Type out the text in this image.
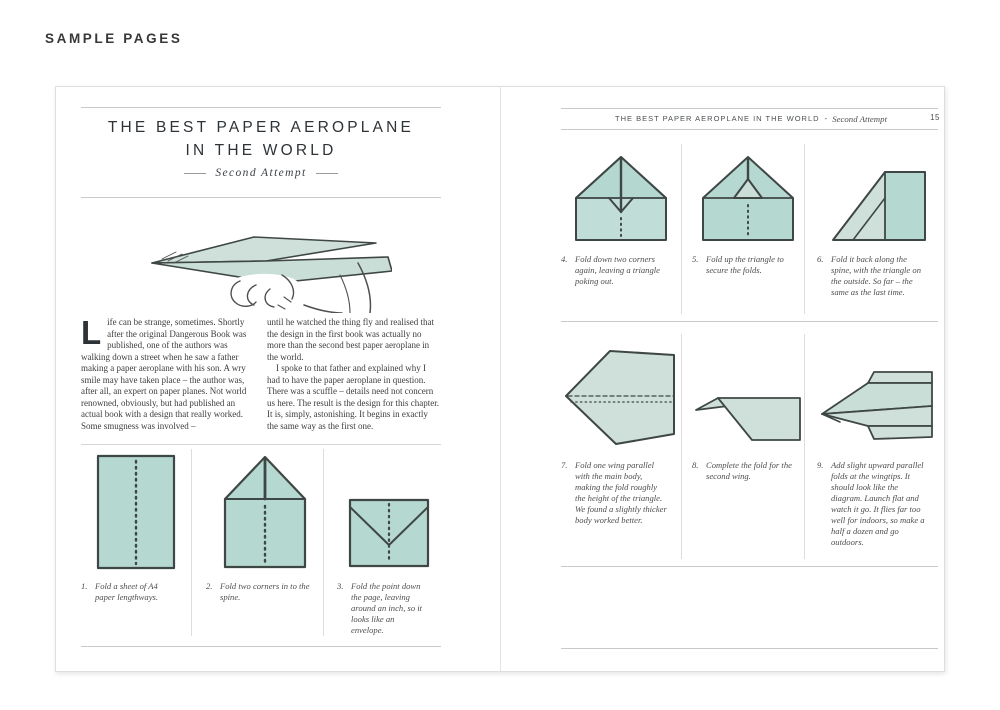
SAMPLE PAGES
THE BEST PAPER AEROPLANE
IN THE WORLD
Second Attempt
Life can be strange, sometimes. Shortly after the original Dangerous Book was published, one of the authors was walking down a street when he saw a father making a paper aeroplane with his son. A wry smile may have taken place – the author was, after all, an expert on paper planes. Not world renowned, obviously, but had published an actual book with a design that really worked. Some smugness was involved –

until he watched the thing fly and realised that the design in the first book was actually no more than the second best paper aeroplane in the world.

I spoke to that father and explained why I had to have the paper aeroplane in question. There was a scuffle – details need not concern us here. The result is the design for this chapter. It is, simply, astonishing. It begins in exactly the same way as the first one.

1. Fold a sheet of A4 paper lengthways.
2. Fold two corners in to the spine.
3. Fold the point down the page, leaving around an inch, so it looks like an envelope.
THE BEST PAPER AEROPLANE IN THE WORLD - Second Attempt	15
4. Fold down two corners again, leaving a triangle poking out.
5. Fold up the triangle to secure the folds.
6. Fold it back along the spine, with the triangle on the outside. So far – the same as the last time.
7. Fold one wing parallel with the main body, making the fold roughly the height of the triangle. We found a slightly thicker body worked better.
8. Complete the fold for the second wing.
9. Add slight upward parallel folds at the wingtips. It should look like the diagram. Launch flat and watch it go. It flies far too well for indoors, so make a half a dozen and go outdoors.
